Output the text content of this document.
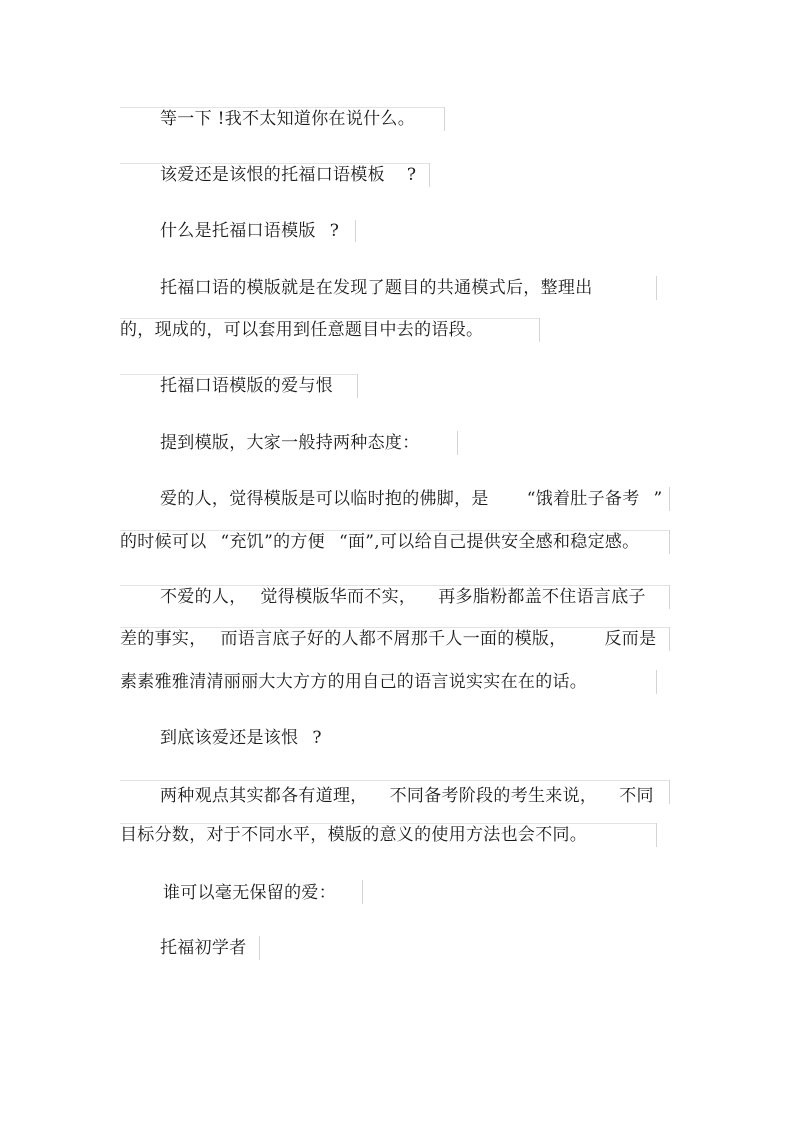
等一下 !我不太知道你在说什么。
该爱还是该恨的托福口语模板 ?
什么是托福口语模版 ?
托福口语的模版就是在发现了题目的共通模式后，整理出
的，现成的，可以套用到任意题目中去的语段。
托福口语模版的爱与恨
提到模版，大家一般持两种态度：
爱的人，觉得模版是可以临时抱的佛脚，是 “饿着肚子备考 ”
的时候可以 “充饥”的方便 “面”,可以给自己提供安全感和稳定感。
不爱的人， 觉得模版华而不实， 再多脂粉都盖不住语言底子
差的事实， 而语言底子好的人都不屑那千人一面的模版， 反而是
素素雅雅清清丽丽大大方方的用自己的语言说实实在在的话。
到底该爱还是该恨 ?
两种观点其实都各有道理， 不同备考阶段的考生来说， 不同
目标分数，对于不同水平，模版的意义的使用方法也会不同。
谁可以毫无保留的爱：
托福初学者
